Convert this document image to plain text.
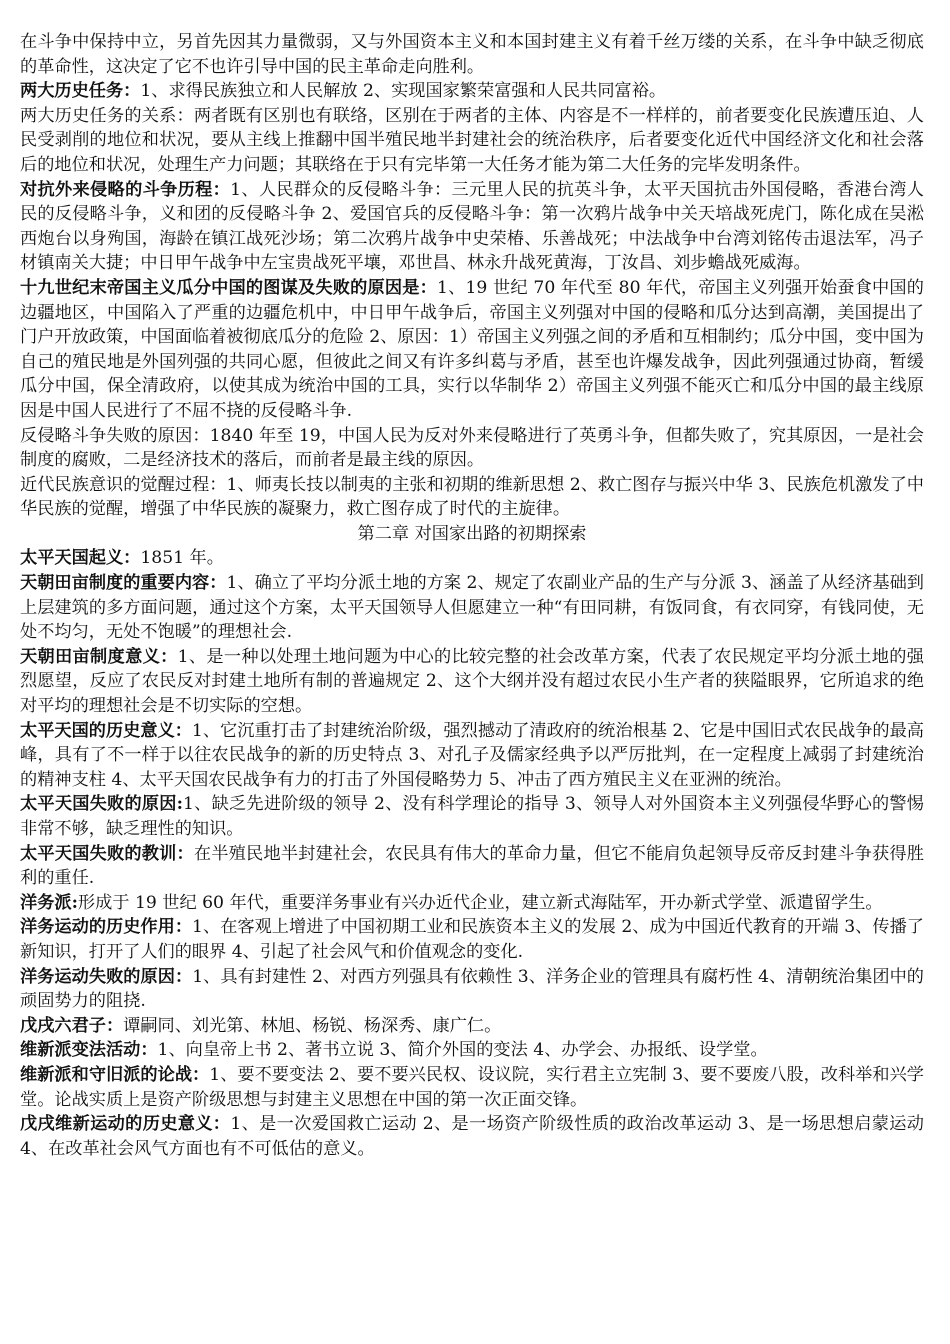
在斗争中保持中立，另首先因其力量微弱，又与外国资本主义和本国封建主义有着千丝万缕的关系，在斗争中缺乏彻底的革命性，这决定了它不也许引导中国的民主革命走向胜利。

两大历史任务：1、求得民族独立和人民解放 2、实现国家繁荣富强和人民共同富裕。

两大历史任务的关系：两者既有区别也有联络，区别在于两者的主体、内容是不一样样的，前者要变化民族遭压迫、人民受剥削的地位和状况，要从主线上推翻中国半殖民地半封建社会的统治秩序，后者要变化近代中国经济文化和社会落后的地位和状况，处理生产力问题；其联络在于只有完毕第一大任务才能为第二大任务的完毕发明条件。

对抗外来侵略的斗争历程：1、人民群众的反侵略斗争：三元里人民的抗英斗争，太平天国抗击外国侵略，香港台湾人民的反侵略斗争，义和团的反侵略斗争 2、爱国官兵的反侵略斗争：第一次鸦片战争中关天培战死虎门，陈化成在吴淞西炮台以身殉国，海龄在镇江战死沙场；第二次鸦片战争中史荣椿、乐善战死；中法战争中台湾刘铭传击退法军，冯子材镇南关大捷；中日甲午战争中左宝贵战死平壤，邓世昌、林永升战死黄海，丁汝昌、刘步蟾战死威海。

十九世纪末帝国主义瓜分中国的图谋及失败的原因是：1、19 世纪 70 年代至 80 年代，帝国主义列强开始蚕食中国的边疆地区，中国陷入了严重的边疆危机中，中日甲午战争后，帝国主义列强对中国的侵略和瓜分达到高潮，美国提出了门户开放政策，中国面临着被彻底瓜分的危险 2、原因：1）帝国主义列强之间的矛盾和互相制约；瓜分中国，变中国为自己的殖民地是外国列强的共同心愿，但彼此之间又有许多纠葛与矛盾，甚至也许爆发战争，因此列强通过协商，暂缓瓜分中国，保全清政府，以使其成为统治中国的工具，实行以华制华 2）帝国主义列强不能灭亡和瓜分中国的最主线原因是中国人民进行了不屈不挠的反侵略斗争.

反侵略斗争失败的原因：1840 年至 19，中国人民为反对外来侵略进行了英勇斗争，但都失败了，究其原因，一是社会制度的腐败，二是经济技术的落后，而前者是最主线的原因。

近代民族意识的觉醒过程：1、师夷长技以制夷的主张和初期的维新思想 2、救亡图存与振兴中华 3、民族危机激发了中华民族的觉醒，增强了中华民族的凝聚力，救亡图存成了时代的主旋律。

第二章 对国家出路的初期探索

太平天国起义：1851 年。

天朝田亩制度的重要内容：1、确立了平均分派土地的方案 2、规定了农副业产品的生产与分派 3、涵盖了从经济基础到上层建筑的多方面问题，通过这个方案，太平天国领导人但愿建立一种“有田同耕，有饭同食，有衣同穿，有钱同使，无处不均匀，无处不饱暖”的理想社会.

天朝田亩制度意义：1、是一种以处理土地问题为中心的比较完整的社会改革方案，代表了农民规定平均分派土地的强烈愿望，反应了农民反对封建土地所有制的普遍规定 2、这个大纲并没有超过农民小生产者的狭隘眼界，它所追求的绝对平均的理想社会是不切实际的空想。

太平天国的历史意义：1、它沉重打击了封建统治阶级，强烈撼动了清政府的统治根基 2、它是中国旧式农民战争的最高峰，具有了不一样于以往农民战争的新的历史特点 3、对孔子及儒家经典予以严厉批判，在一定程度上减弱了封建统治的精神支柱 4、太平天国农民战争有力的打击了外国侵略势力 5、冲击了西方殖民主义在亚洲的统治。

太平天国失败的原因:1、缺乏先进阶级的领导 2、没有科学理论的指导 3、领导人对外国资本主义列强侵华野心的警惕非常不够，缺乏理性的知识。

太平天国失败的教训：在半殖民地半封建社会，农民具有伟大的革命力量，但它不能肩负起领导反帝反封建斗争获得胜利的重任.

洋务派:形成于 19 世纪 60 年代，重要洋务事业有兴办近代企业，建立新式海陆军，开办新式学堂、派遣留学生。

洋务运动的历史作用：1、在客观上增进了中国初期工业和民族资本主义的发展 2、成为中国近代教育的开端 3、传播了新知识，打开了人们的眼界 4、引起了社会风气和价值观念的变化.

洋务运动失败的原因：1、具有封建性 2、对西方列强具有依赖性 3、洋务企业的管理具有腐朽性 4、清朝统治集团中的顽固势力的阻挠.

戊戌六君子：谭嗣同、刘光第、林旭、杨锐、杨深秀、康广仁。

维新派变法活动：1、向皇帝上书 2、著书立说 3、简介外国的变法 4、办学会、办报纸、设学堂。

维新派和守旧派的论战：1、要不要变法 2、要不要兴民权、设议院，实行君主立宪制 3、要不要废八股，改科举和兴学堂。论战实质上是资产阶级思想与封建主义思想在中国的第一次正面交锋。

戊戌维新运动的历史意义：1、是一次爱国救亡运动 2、是一场资产阶级性质的政治改革运动 3、是一场思想启蒙运动 4、在改革社会风气方面也有不可低估的意义。
